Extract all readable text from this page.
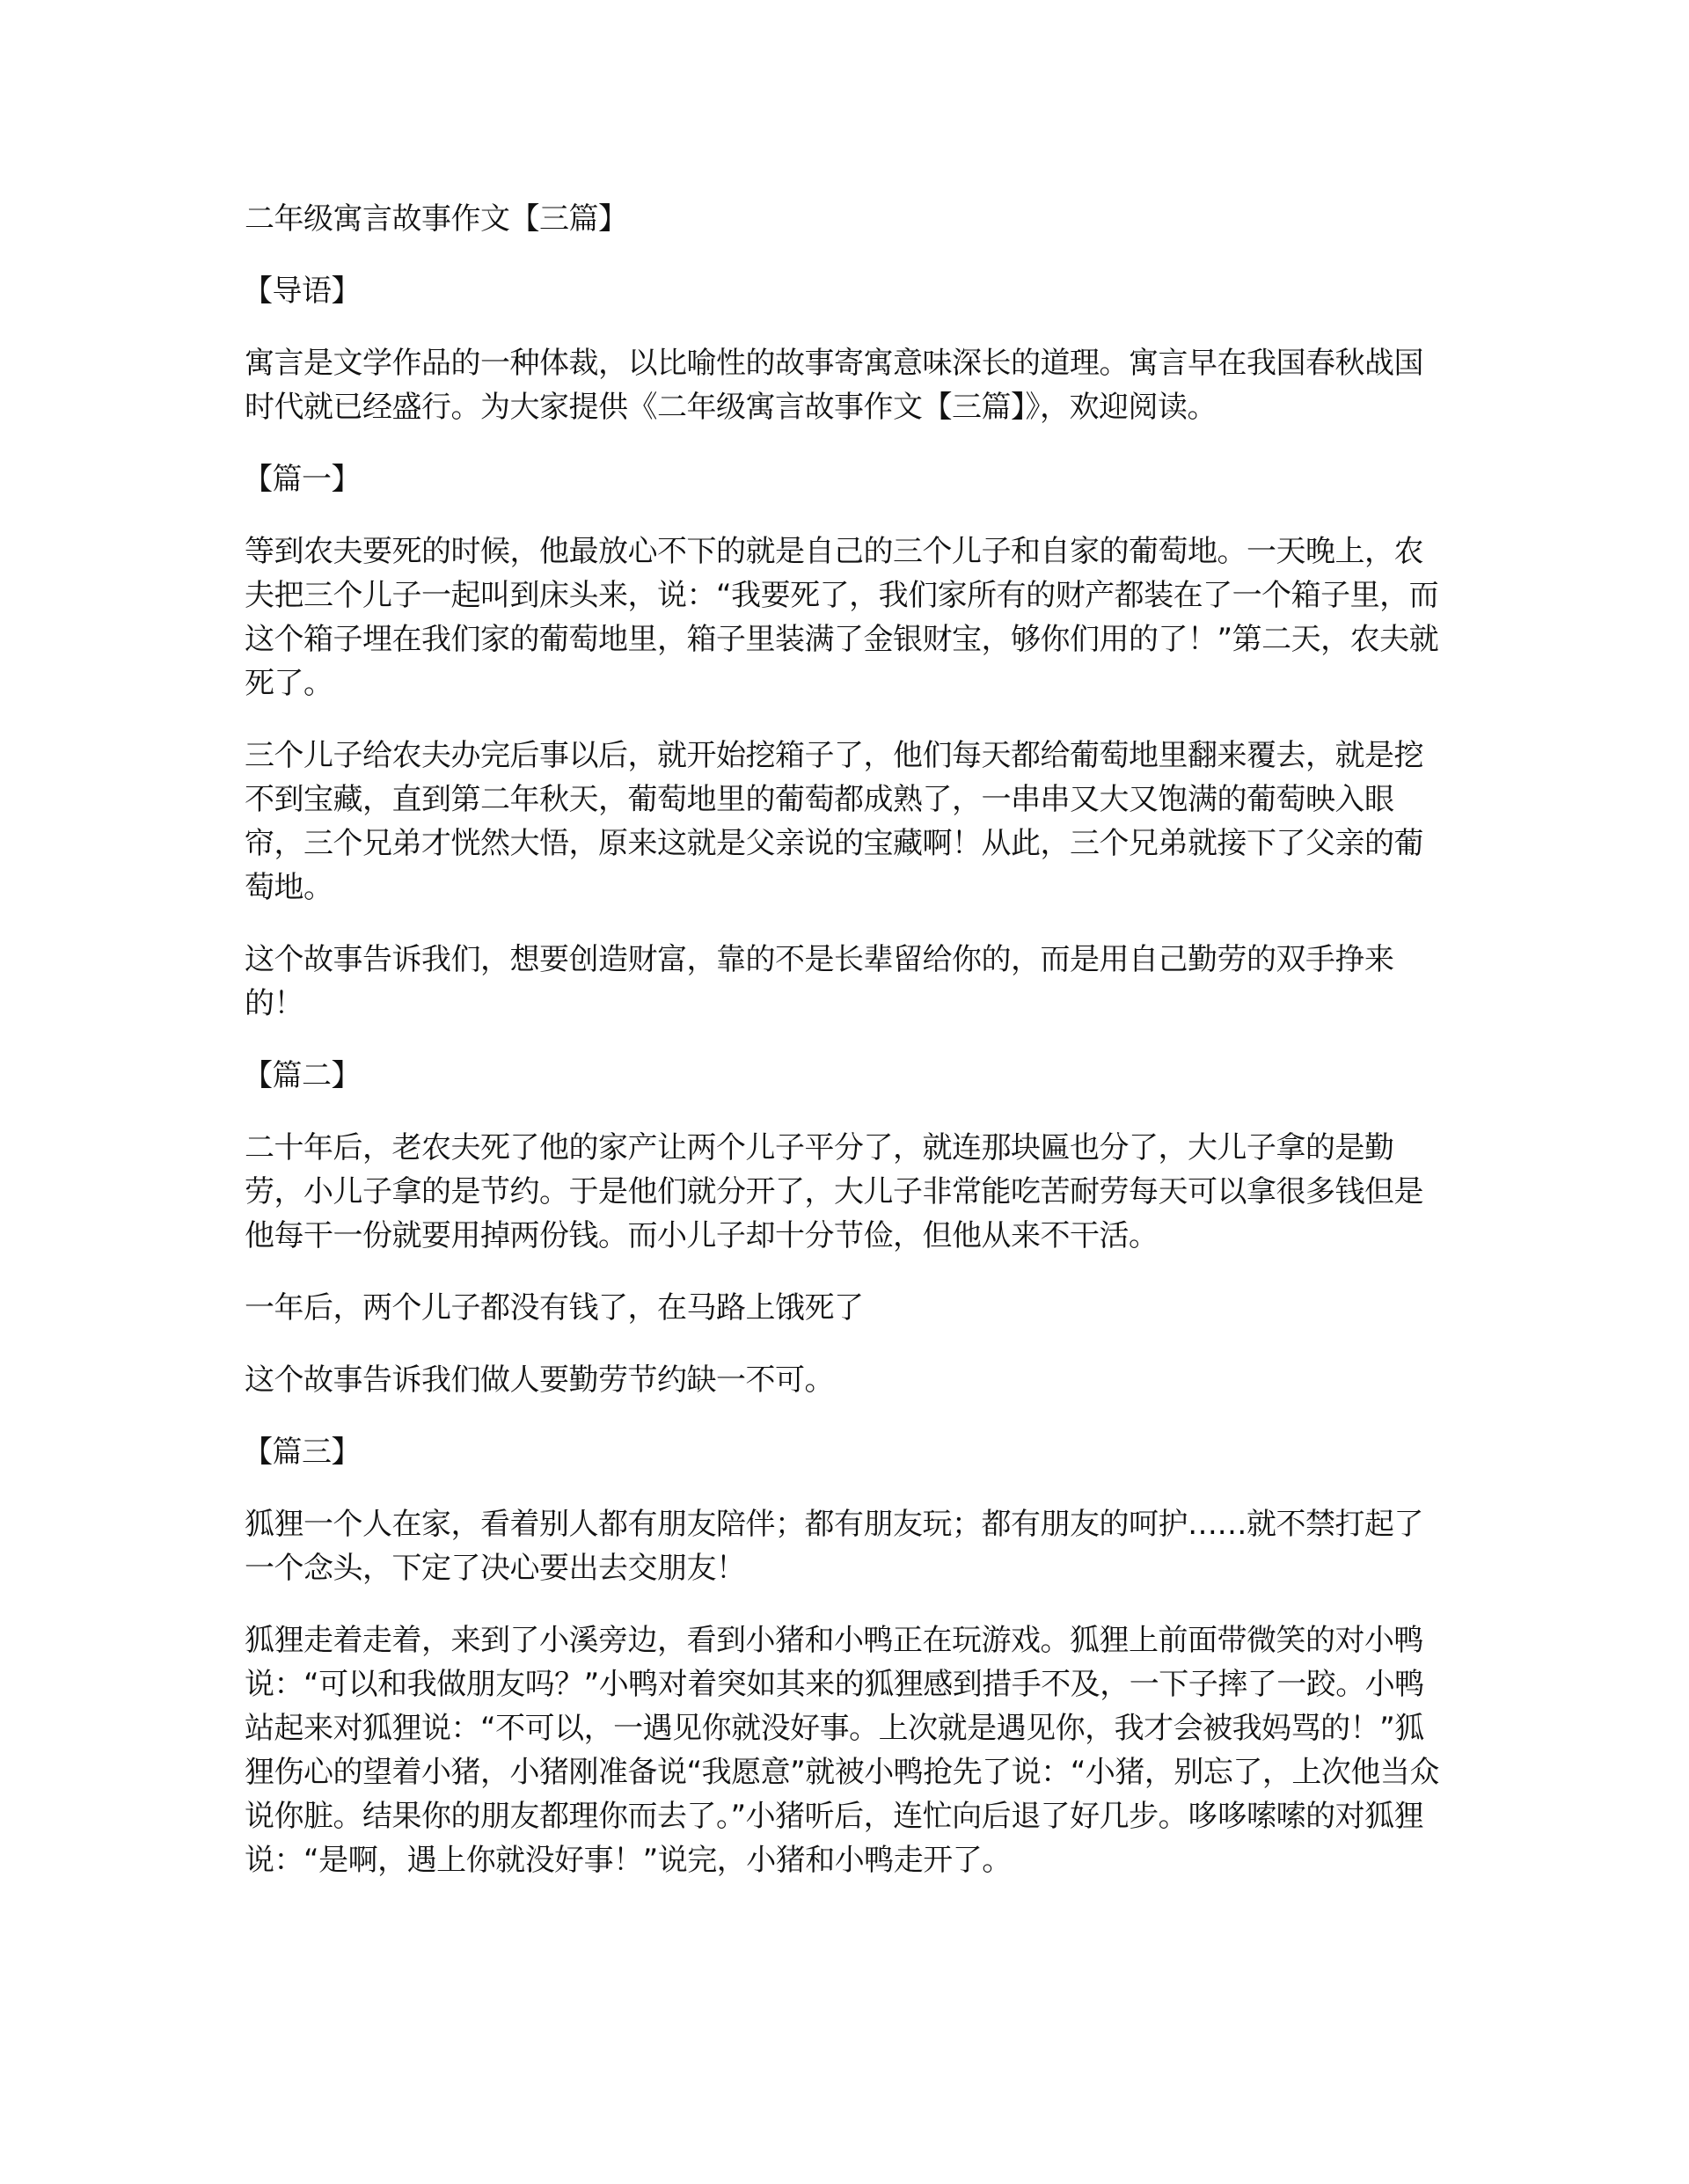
二年级寓言故事作文【三篇】

【导语】

寓言是文学作品的一种体裁，以比喻性的故事寄寓意味深长的道理。寓言早在我国春秋战国时代就已经盛行。为大家提供《二年级寓言故事作文【三篇】》，欢迎阅读。

【篇一】

等到农夫要死的时候，他最放心不下的就是自己的三个儿子和自家的葡萄地。一天晚上，农夫把三个儿子一起叫到床头来，说：“我要死了，我们家所有的财产都装在了一个箱子里，而这个箱子埋在我们家的葡萄地里，箱子里装满了金银财宝，够你们用的了！”第二天，农夫就死了。

三个儿子给农夫办完后事以后，就开始挖箱子了，他们每天都给葡萄地里翻来覆去，就是挖不到宝藏，直到第二年秋天，葡萄地里的葡萄都成熟了，一串串又大又饱满的葡萄映入眼帘，三个兄弟才恍然大悟，原来这就是父亲说的宝藏啊！从此，三个兄弟就接下了父亲的葡萄地。

这个故事告诉我们，想要创造财富，靠的不是长辈留给你的，而是用自己勤劳的双手挣来的！

【篇二】

二十年后，老农夫死了他的家产让两个儿子平分了，就连那块匾也分了，大儿子拿的是勤劳，小儿子拿的是节约。于是他们就分开了，大儿子非常能吃苦耐劳每天可以拿很多钱但是他每干一份就要用掉两份钱。而小儿子却十分节俭，但他从来不干活。

一年后，两个儿子都没有钱了，在马路上饿死了

这个故事告诉我们做人要勤劳节约缺一不可。

【篇三】

狐狸一个人在家，看着别人都有朋友陪伴；都有朋友玩；都有朋友的呵护……就不禁打起了一个念头，下定了决心要出去交朋友！

狐狸走着走着，来到了小溪旁边，看到小猪和小鸭正在玩游戏。狐狸上前面带微笑的对小鸭说：“可以和我做朋友吗？”小鸭对着突如其来的狐狸感到措手不及，一下子摔了一跤。小鸭站起来对狐狸说：“不可以，一遇见你就没好事。上次就是遇见你，我才会被我妈骂的！”狐狸伤心的望着小猪，小猪刚准备说“我愿意”就被小鸭抢先了说：“小猪，别忘了，上次他当众说你脏。结果你的朋友都理你而去了。”小猪听后，连忙向后退了好几步。哆哆嗦嗦的对狐狸说：“是啊，遇上你就没好事！”说完，小猪和小鸭走开了。
